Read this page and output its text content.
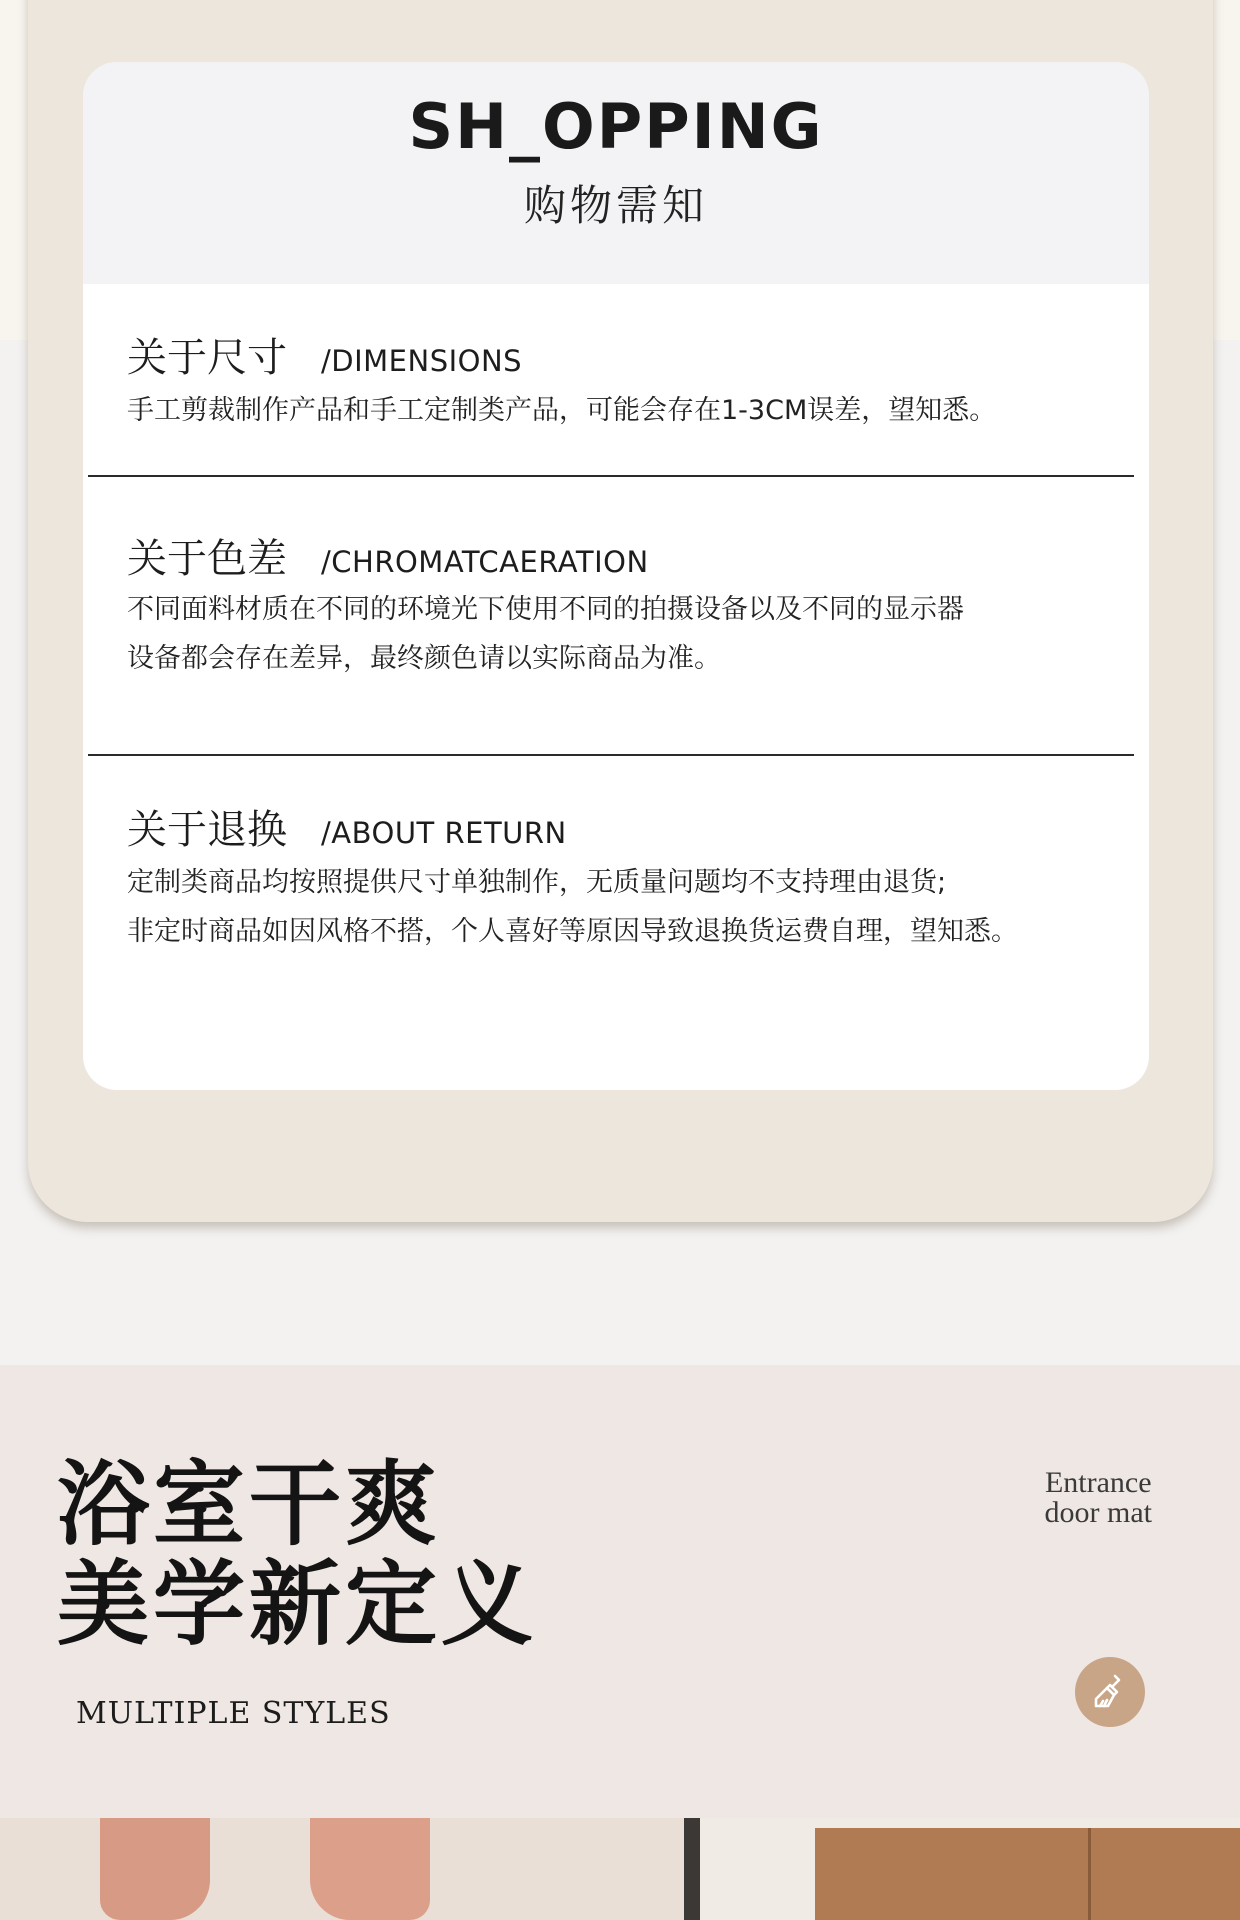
SH_OPPING
购物需知
关于尺寸 /DIMENSIONS
手工剪裁制作产品和手工定制类产品，可能会存在1-3CM误差，望知悉。
关于色差 /CHROMATCAERATION
不同面料材质在不同的环境光下使用不同的拍摄设备以及不同的显示器
设备都会存在差异，最终颜色请以实际商品为准。
关于退换 /ABOUT RETURN
定制类商品均按照提供尺寸单独制作，无质量问题均不支持理由退货;
非定时商品如因风格不搭，个人喜好等原因导致退换货运费自理，望知悉。
浴室干爽
美学新定义
MULTIPLE STYLES
Entrance
door mat
